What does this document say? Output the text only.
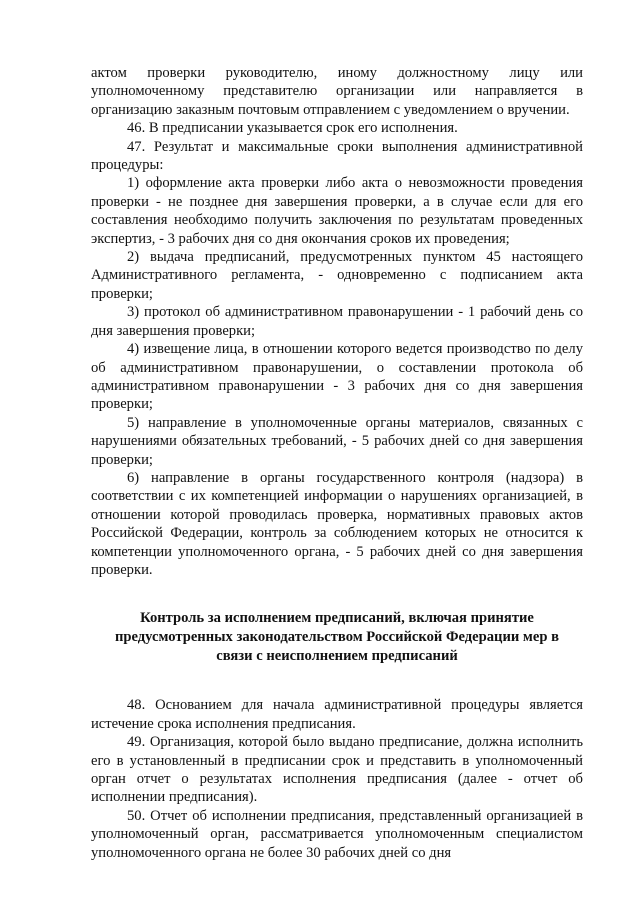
актом проверки руководителю, иному должностному лицу или уполномоченному представителю организации или направляется в организацию заказным почтовым отправлением с уведомлением о вручении.

46. В предписании указывается срок его исполнения.

47. Результат и максимальные сроки выполнения административной процедуры:

1) оформление акта проверки либо акта о невозможности проведения проверки - не позднее дня завершения проверки, а в случае если для его составления необходимо получить заключения по результатам проведенных экспертиз, - 3 рабочих дня со дня окончания сроков их проведения;

2) выдача предписаний, предусмотренных пунктом 45 настоящего Административного регламента, - одновременно с подписанием акта проверки;

3) протокол об административном правонарушении - 1 рабочий день со дня завершения проверки;

4) извещение лица, в отношении которого ведется производство по делу об административном правонарушении, о составлении протокола об административном правонарушении - 3 рабочих дня со дня завершения проверки;

5) направление в уполномоченные органы материалов, связанных с нарушениями обязательных требований, - 5 рабочих дней со дня завершения проверки;

6) направление в органы государственного контроля (надзора) в соответствии с их компетенцией информации о нарушениях организацией, в отношении которой проводилась проверка, нормативных правовых актов Российской Федерации, контроль за соблюдением которых не относится к компетенции уполномоченного органа, - 5 рабочих дней со дня завершения проверки.

Контроль за исполнением предписаний, включая принятие предусмотренных законодательством Российской Федерации мер в связи с неисполнением предписаний

48. Основанием для начала административной процедуры является истечение срока исполнения предписания.

49. Организация, которой было выдано предписание, должна исполнить его в установленный в предписании срок и представить в уполномоченный орган отчет о результатах исполнения предписания (далее - отчет об исполнении предписания).

50. Отчет об исполнении предписания, представленный организацией в уполномоченный орган, рассматривается уполномоченным специалистом уполномоченного органа не более 30 рабочих дней со дня
